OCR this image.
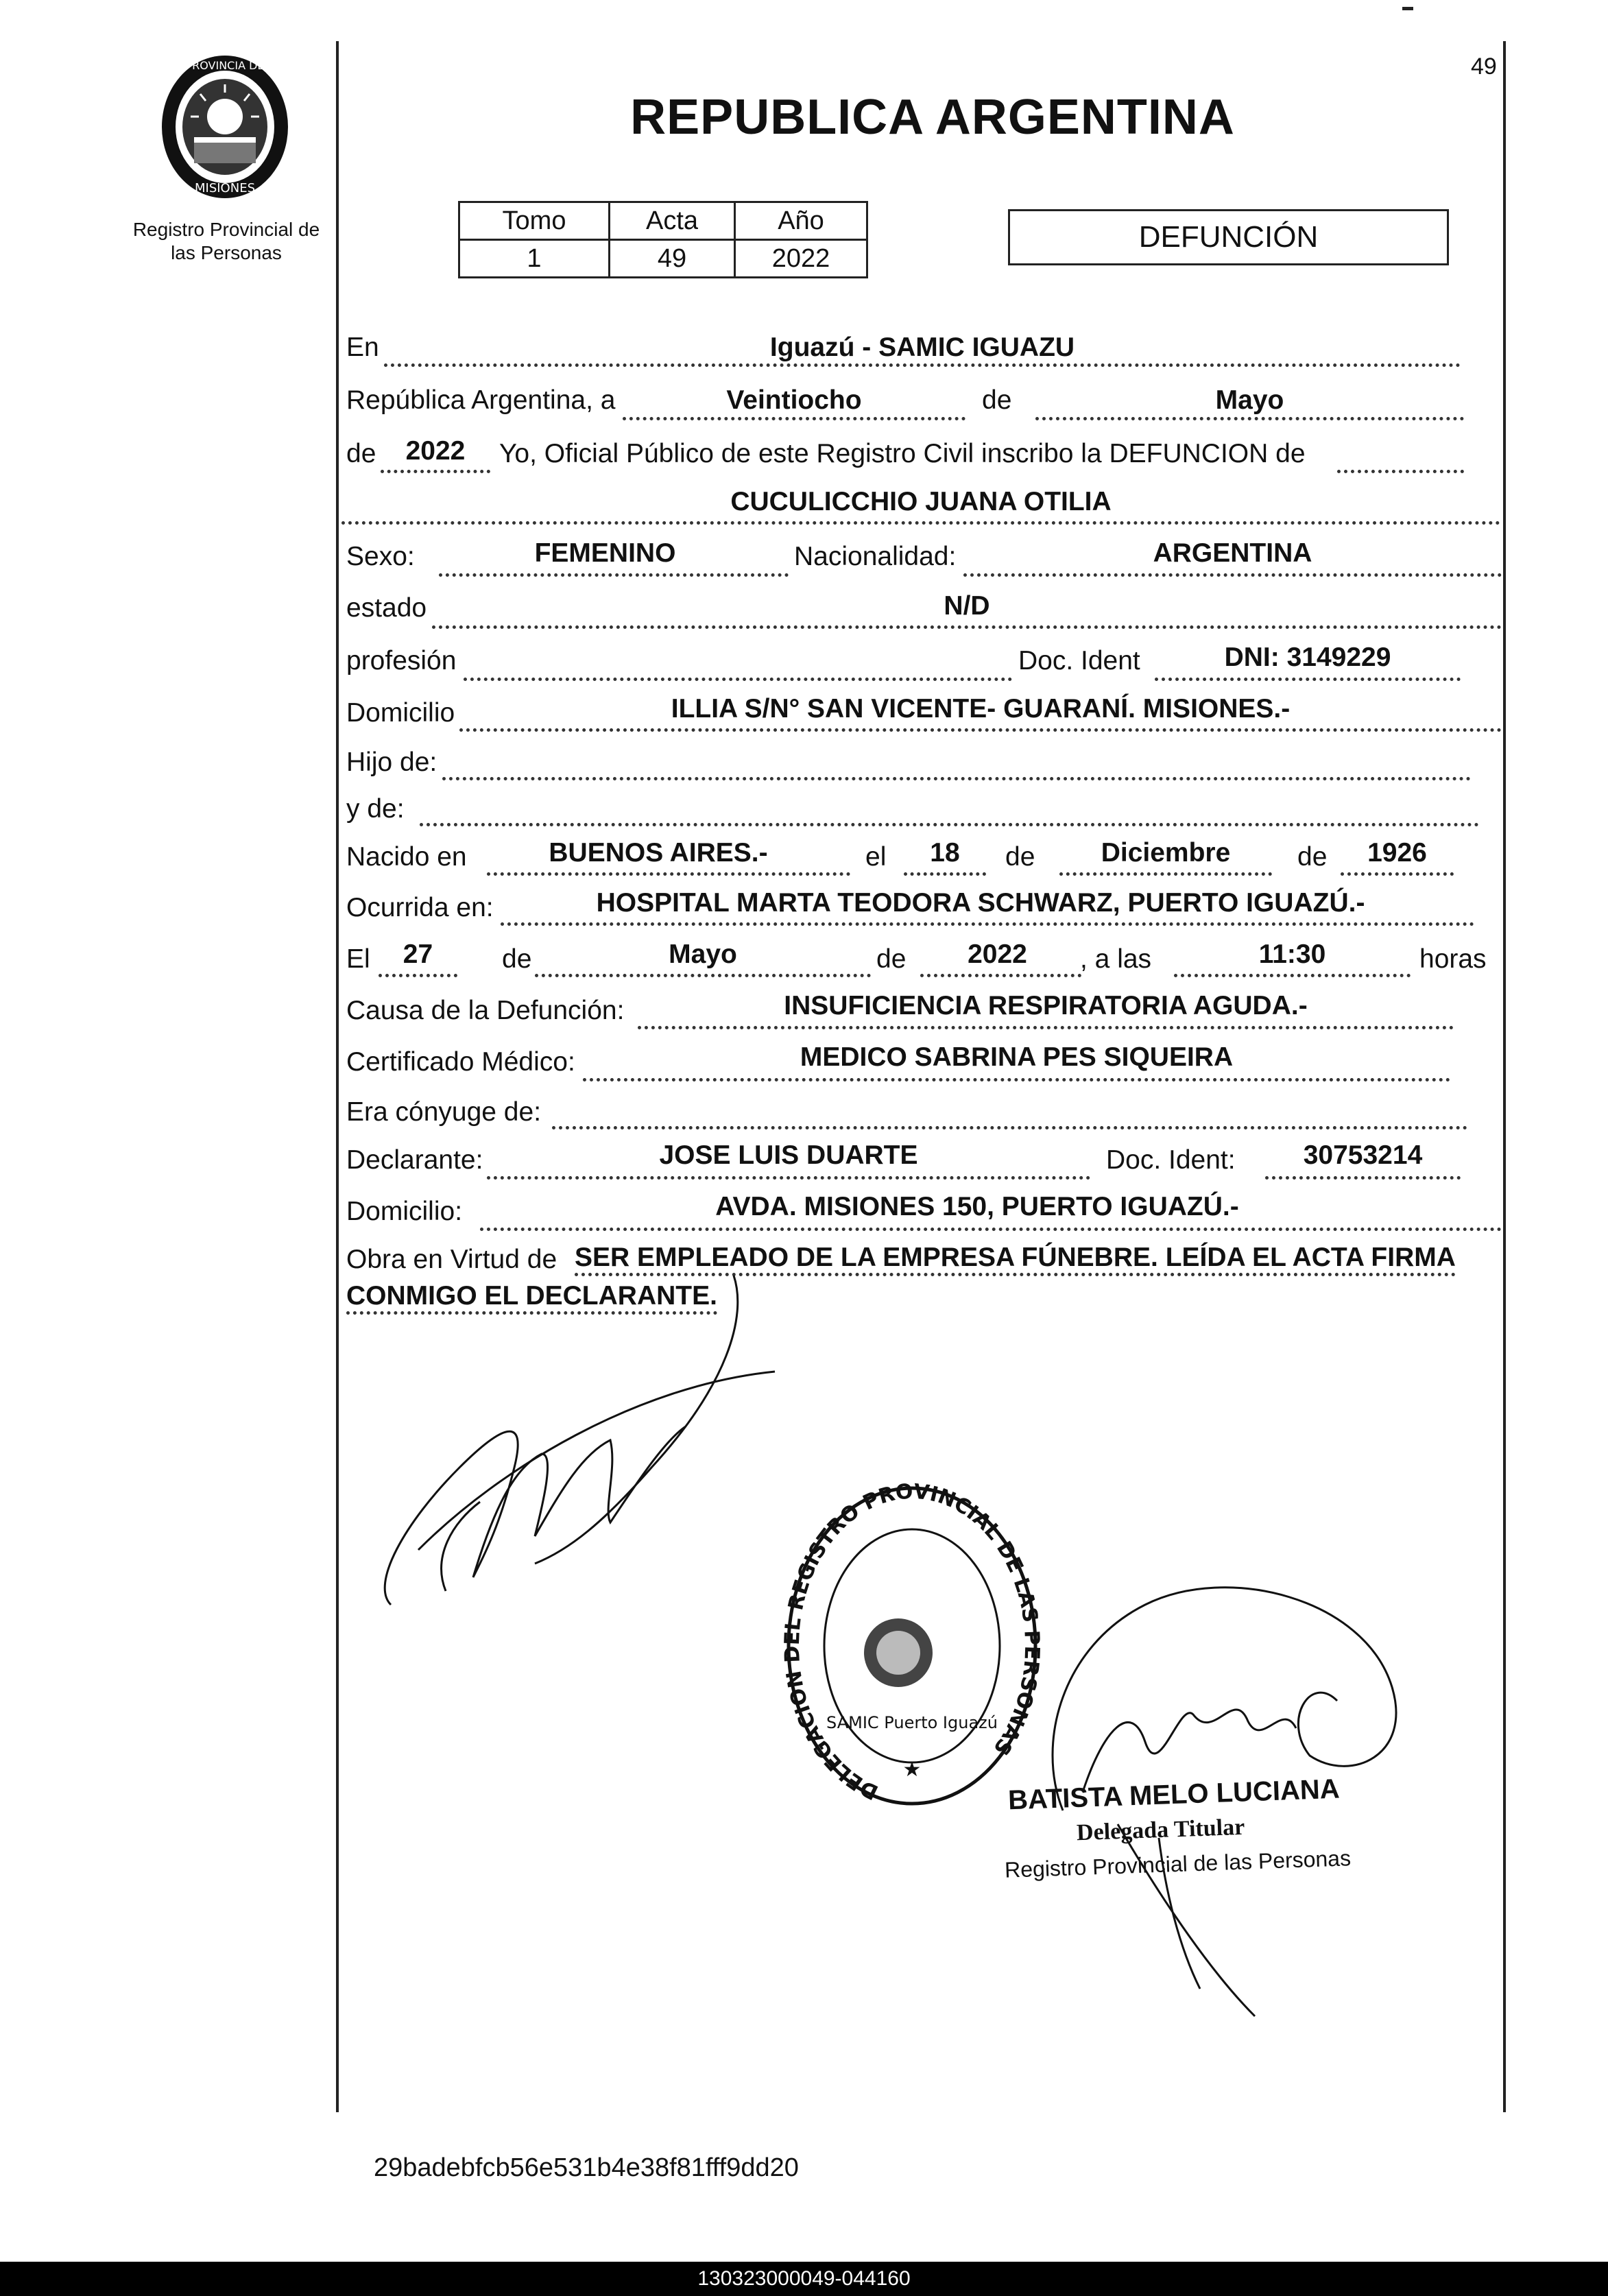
49
PROVINCIA DE
MISIONES
Registro Provincial de
las Personas
REPUBLICA ARGENTINA
Tomo	Acta	Año
1	49	2022
DEFUNCIÓN
En	Iguazú - SAMIC IGUAZU
República Argentina, a	Veintiocho	de	Mayo
de	2022	Yo, Oficial Público de este Registro Civil inscribo la DEFUNCION de
CUCULICCHIO JUANA OTILIA
Sexo:	FEMENINO	Nacionalidad:	ARGENTINA
estado	N/D
profesión	Doc. Ident	DNI: 3149229
Domicilio	ILLIA S/N° SAN VICENTE- GUARANÍ. MISIONES.-
Hijo de:
y de:
Nacido en	BUENOS AIRES.-	el	18	de	Diciembre	de	1926
Ocurrida en:	HOSPITAL MARTA TEODORA SCHWARZ, PUERTO IGUAZÚ.-
El	27	de	Mayo	de	2022	, a las	11:30	horas
Causa de la Defunción:	INSUFICIENCIA RESPIRATORIA AGUDA.-
Certificado Médico:	MEDICO SABRINA PES SIQUEIRA
Era cónyuge de:
Declarante:	JOSE LUIS DUARTE	Doc. Ident:	30753214
Domicilio:	AVDA. MISIONES 150, PUERTO IGUAZÚ.-
Obra en Virtud de SER EMPLEADO DE LA EMPRESA FÚNEBRE. LEÍDA EL ACTA FIRMA
CONMIGO EL DECLARANTE.
DELEGACION DEL REGISTRO PROVINCIAL DE LAS PERSONAS
SAMIC Puerto Iguazú
★
BATISTA MELO LUCIANA
Delegada Titular
Registro Provincial de las Personas
29badebfcb56e531b4e38f81fff9dd20
130323000049-044160
